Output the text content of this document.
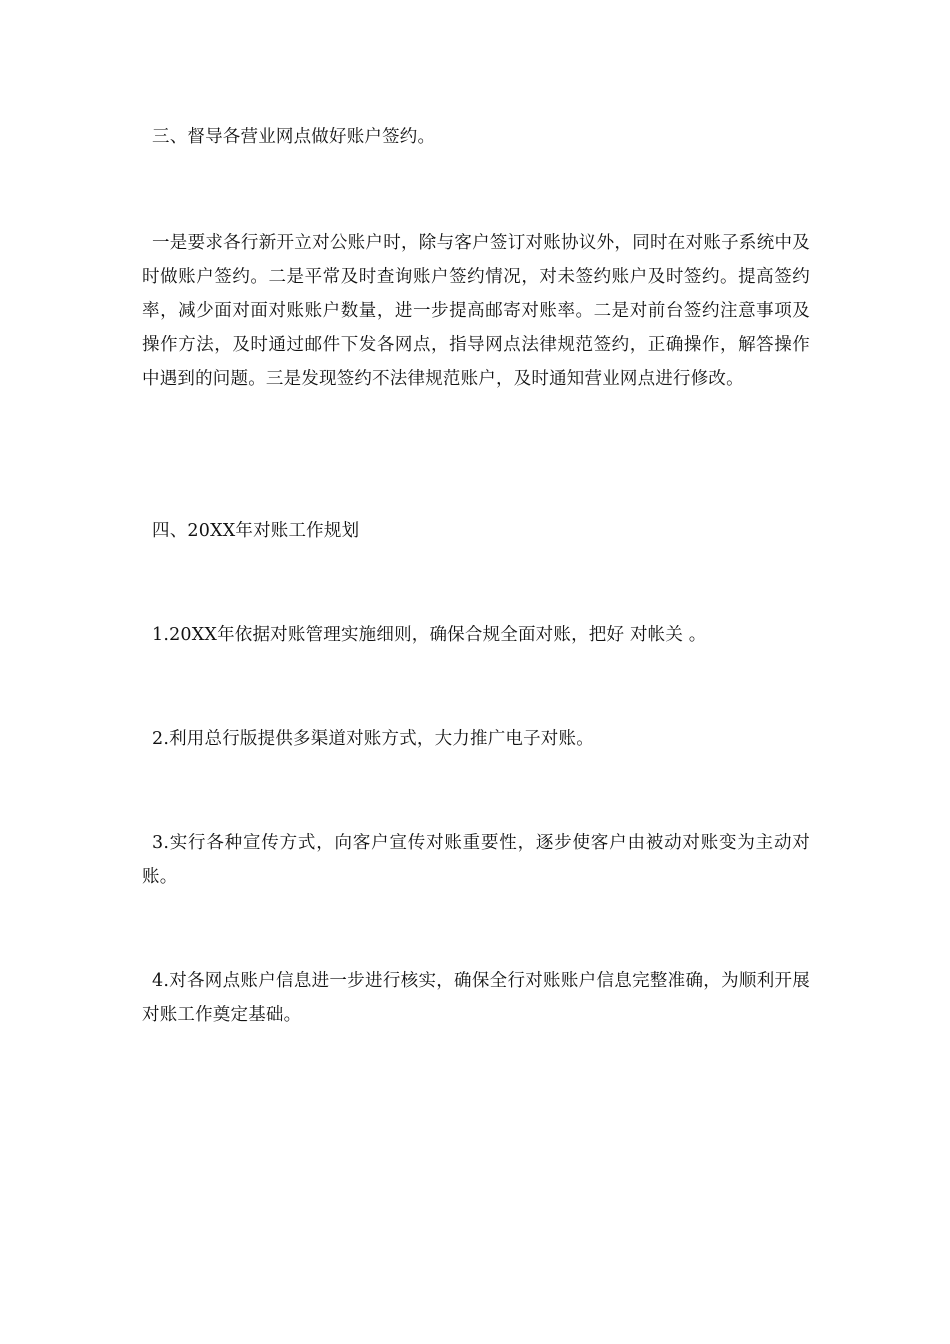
三、督导各营业网点做好账户签约。

一是要求各行新开立对公账户时，除与客户签订对账协议外，同时在对账子系统中及时做账户签约。二是平常及时查询账户签约情况，对未签约账户及时签约。提高签约率，减少面对面对账账户数量，进一步提高邮寄对账率。二是对前台签约注意事项及操作方法，及时通过邮件下发各网点，指导网点法律规范签约，正确操作，解答操作中遇到的问题。三是发现签约不法律规范账户，及时通知营业网点进行修改。

四、20XX年对账工作规划

1.20XX年依据对账管理实施细则，确保合规全面对账，把好 对帐关 。

2.利用总行版提供多渠道对账方式，大力推广电子对账。

3.实行各种宣传方式，向客户宣传对账重要性，逐步使客户由被动对账变为主动对账。

4.对各网点账户信息进一步进行核实，确保全行对账账户信息完整准确，为顺利开展对账工作奠定基础。
